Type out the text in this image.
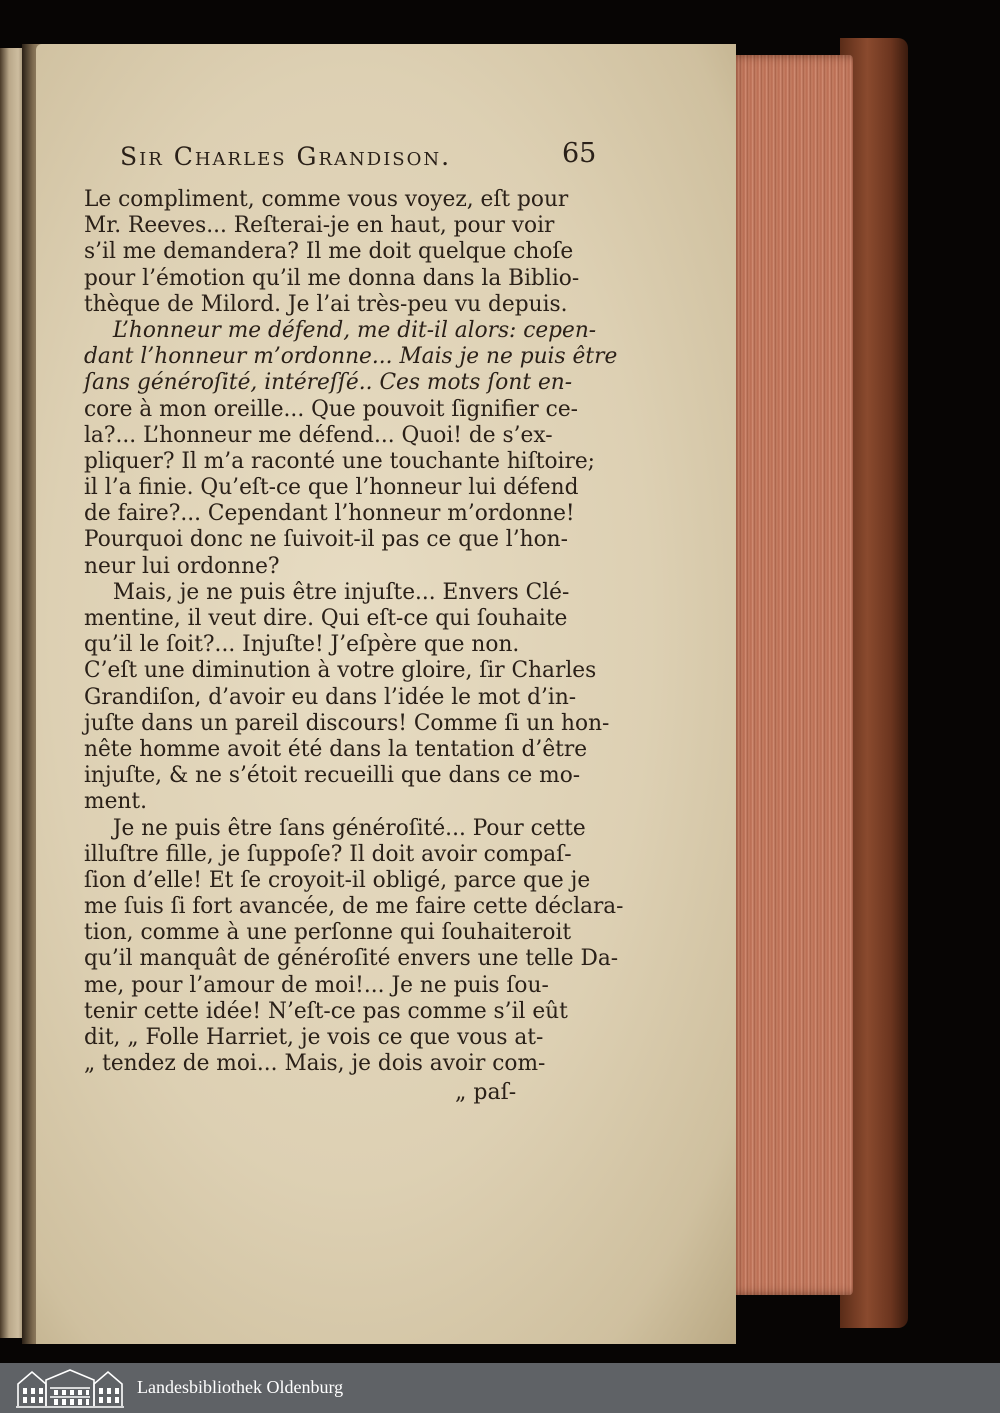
Sir Charles Grandison.	65
Le compliment, comme vous voyez, eſt pour
Mr. Reeves... Reſterai-je en haut, pour voir
s’il me demandera? Il me doit quelque choſe
pour l’émotion qu’il me donna dans la Biblio-
thèque de Milord. Je l’ai très-peu vu depuis.
L’honneur me défend, me dit-il alors: cepen-
dant l’honneur m’ordonne... Mais je ne puis être
ſans généroſité, intéreſſé.. Ces mots ſont en-
core à mon oreille... Que pouvoit ſignifier ce-
la?... L’honneur me défend... Quoi! de s’ex-
pliquer? Il m’a raconté une touchante hiſtoire;
il l’a finie. Qu’eſt-ce que l’honneur lui défend
de faire?... Cependant l’honneur m’ordonne!
Pourquoi donc ne ſuivoit-il pas ce que l’hon-
neur lui ordonne?
Mais, je ne puis être injuſte... Envers Clé-
mentine, il veut dire. Qui eſt-ce qui ſouhaite
qu’il le ſoit?... Injuſte! J’eſpère que non.
C’eſt une diminution à votre gloire, ſir Charles
Grandiſon, d’avoir eu dans l’idée le mot d’in-
juſte dans un pareil discours! Comme ſi un hon-
nête homme avoit été dans la tentation d’être
injuſte, & ne s’étoit recueilli que dans ce mo-
ment.
Je ne puis être ſans généroſité... Pour cette
illuſtre fille, je ſuppoſe? Il doit avoir compaſ-
ſion d’elle! Et ſe croyoit-il obligé, parce que je
me ſuis ſi fort avancée, de me faire cette déclara-
tion, comme à une perſonne qui ſouhaiteroit
qu’il manquât de généroſité envers une telle Da-
me, pour l’amour de moi!... Je ne puis ſou-
tenir cette idée! N’eſt-ce pas comme s’il eût
dit, „ Folle Harriet, je vois ce que vous at-
„ tendez de moi... Mais, je dois avoir com-
„ paſ-
Landesbibliothek Oldenburg
